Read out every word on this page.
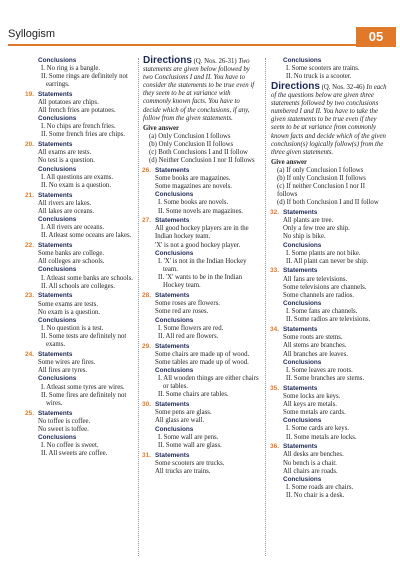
Syllogism	05
Conclusions
I. No ring is a bangle.
II. Some rings are definitely not earrings.
19. Statements
All potatoes are chips.
All french fries are potatoes.
Conclusions
I. No chips are french fries.
II. Some french fries are chips.
20. Statements
All exams are tests.
No test is a question.
Conclusions
I. All questions are exams.
II. No exam is a question.
21. Statements
All rivers are lakes.
All lakes are oceans.
Conclusions
I. All rivers are oceans.
II. Atleast some oceans are lakes.
22. Statements
Some banks are college.
All colleges are schools.
Conclusions
I. Atleast some banks are schools.
II. All schools are colleges.
23. Statements
Some exams are tests.
No exam is a question.
Conclusions
I. No question is a test.
II. Some tests are definitely not exams.
24. Statements
Some wires are fires.
All fires are tyres.
Conclusions
I. Atleast some tyres are wires.
II. Some fires are definitely not wires.
25. Statements
No toffee is coffee.
No sweet is toffee.
Conclusions
I. No coffee is sweet.
II. All sweets are coffee.
Directions (Q. Nos. 26-31) Two statements are given below followed by two Conclusions I and II. You have to consider the statements to be true even if they seem to be at variance with commonly known facts. You have to decide which of the conclusions, if any, follow from the given statements.
Give answer
(a) Only Conclusion I follows
(b) Only Conclusion II follows
(c) Both Conclusions I and II follow
(d) Neither Conclusion I nor II follows
26. Statements
Some books are magazines.
Some magazines are novels.
Conclusions
I. Some books are novels.
II. Some novels are magazines.
27. Statements
All good hockey players are in the Indian hockey team.
'X' is not a good hockey player.
Conclusions
I. 'X' is not in the Indian Hockey team.
II. 'X' wants to be in the Indian Hockey team.
28. Statements
Some roses are flowers.
Some red are roses.
Conclusions
I. Some flowers are red.
II. All red are flowers.
29. Statements
Some chairs are made up of wood.
Some tables are made up of wood.
Conclusions
I. All wooden things are either chairs or tables.
II. Some chairs are tables.
30. Statements
Some pens are glass.
All glass are wall.
Conclusions
I. Some wall are pens.
II. Some wall are glass.
31. Statements
Some scooters are trucks.
All trucks are trains.
Conclusions
I. Some scooters are trains.
II. No truck is a scooter.
Directions (Q. Nos. 32-46) In each of the questions below are given three statements followed by two conclusions numbered I and II. You have to take the given statements to be true even if they seem to be at variance from commonly known facts and decide which of the given conclusion(s) logically follow(s) from the three given statements.
Give answer
(a) If only Conclusion I follows
(b) If only Conclusion II follows
(c) If neither Conclusion I nor II follows
(d) If both Conclusion I and II follow
32. Statements
All plants are tree.
Only a few tree are ship.
No ship is bike.
Conclusions
I. Some plants are not bike.
II. All plant can never be ship.
33. Statements
All fans are televisions.
Some televisions are channels.
Some channels are radios.
Conclusions
I. Some fans are channels.
II. Some radios are televisions.
34. Statements
Some roots are stems.
All stems are branches.
All branches are leaves.
Conclusions
I. Some leaves are roots.
II. Some branches are stems.
35. Statements
Some locks are keys.
All keys are metals.
Some metals are cards.
Conclusions
I. Some cards are keys.
II. Some metals are locks.
36. Statements
All desks are benches.
No bench is a chair.
All chairs are roads.
Conclusions
I. Some roads are chairs.
II. No chair is a desk.
